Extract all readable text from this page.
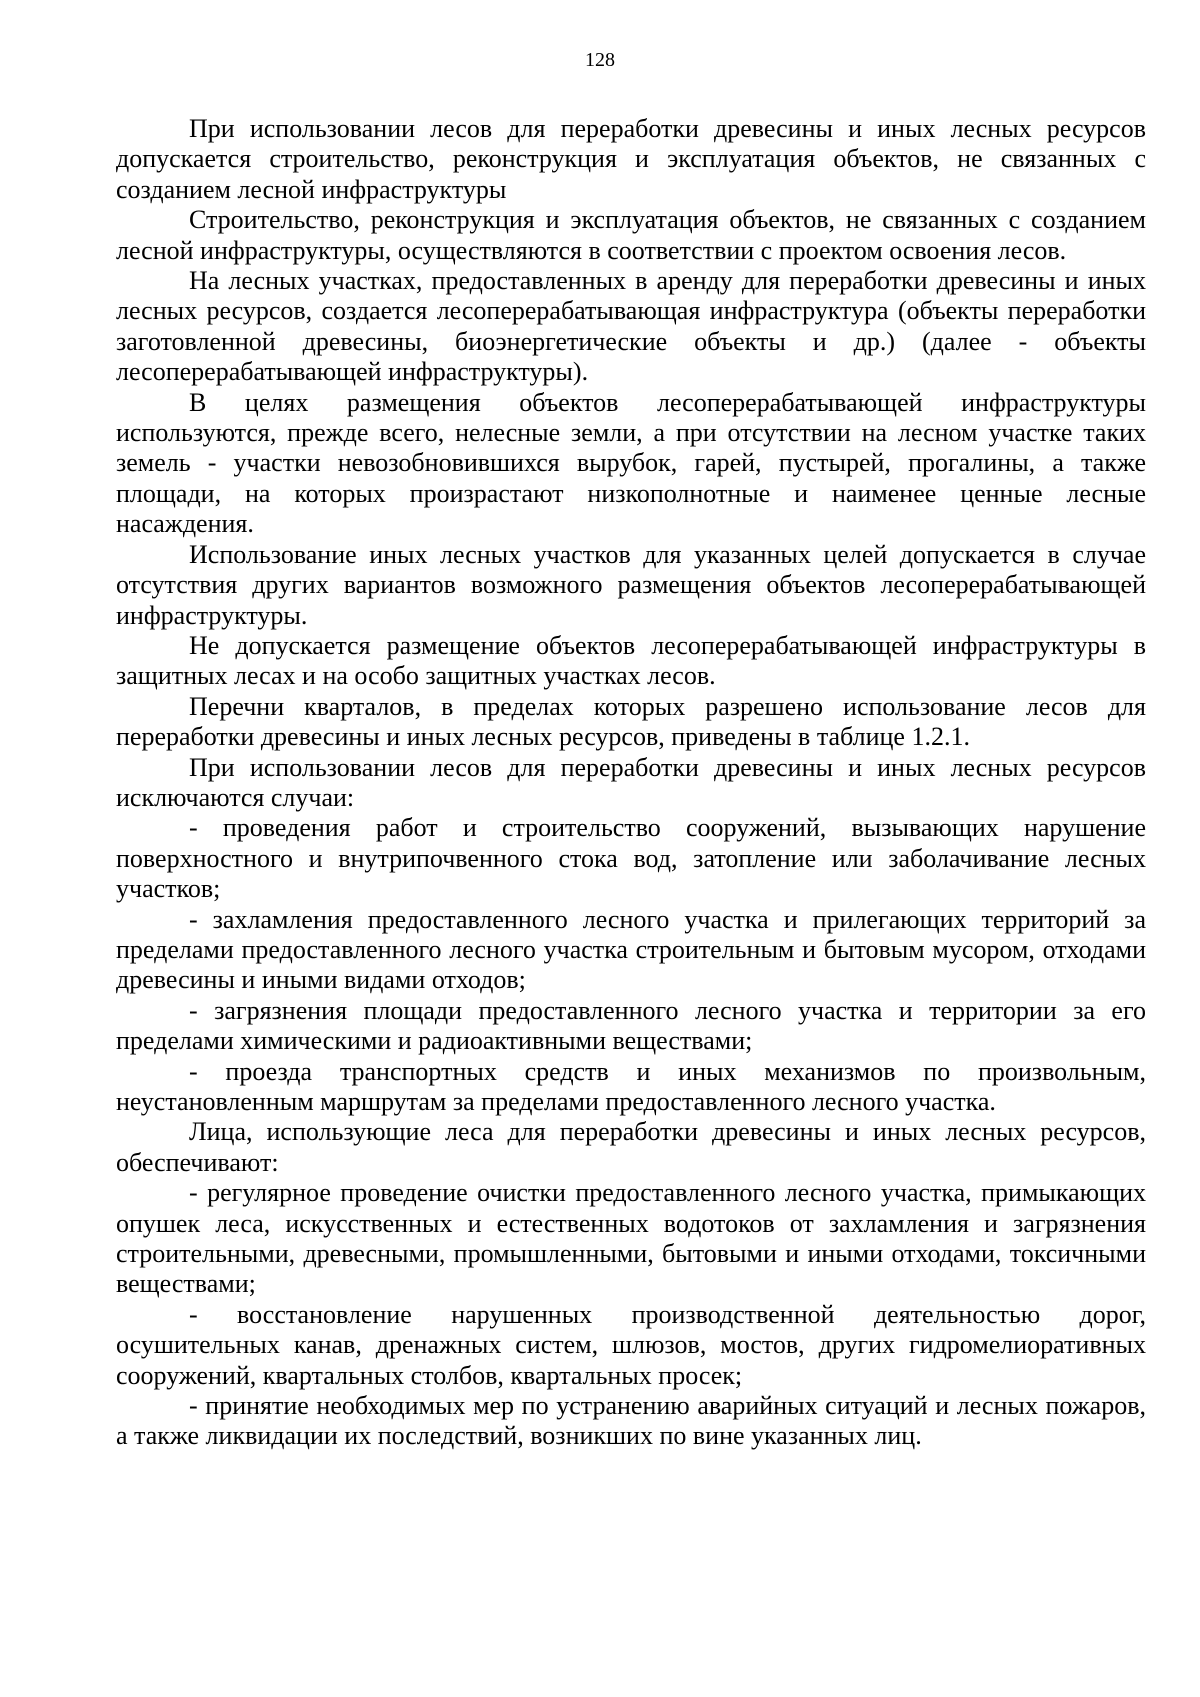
128

При использовании лесов для переработки древесины и иных лесных ресурсов допускается строительство, реконструкция и эксплуатация объектов, не связанных с созданием лесной инфраструктуры

Строительство, реконструкция и эксплуатация объектов, не связанных с созданием лесной инфраструктуры, осуществляются в соответствии с проектом освоения лесов.

На лесных участках, предоставленных в аренду для переработки древесины и иных лесных ресурсов, создается лесоперерабатывающая инфраструктура (объекты переработки заготовленной древесины, биоэнергетические объекты и др.) (далее - объекты лесоперерабатывающей инфраструктуры).

В целях размещения объектов лесоперерабатывающей инфраструктуры используются, прежде всего, нелесные земли, а при отсутствии на лесном участке таких земель - участки невозобновившихся вырубок, гарей, пустырей, прогалины, а также площади, на которых произрастают низкополнотные и наименее ценные лесные насаждения.

Использование иных лесных участков для указанных целей допускается в случае отсутствия других вариантов возможного размещения объектов лесоперерабатывающей инфраструктуры.

Не допускается размещение объектов лесоперерабатывающей инфраструктуры в защитных лесах и на особо защитных участках лесов.

Перечни кварталов, в пределах которых разрешено использование лесов для переработки древесины и иных лесных ресурсов, приведены в таблице 1.2.1.

При использовании лесов для переработки древесины и иных лесных ресурсов исключаются случаи:

- проведения работ и строительство сооружений, вызывающих нарушение поверхностного и внутрипочвенного стока вод, затопление или заболачивание лесных участков;

- захламления предоставленного лесного участка и прилегающих территорий за пределами предоставленного лесного участка строительным и бытовым мусором, отходами древесины и иными видами отходов;

- загрязнения площади предоставленного лесного участка и территории за его пределами химическими и радиоактивными веществами;

- проезда транспортных средств и иных механизмов по произвольным, неустановленным маршрутам за пределами предоставленного лесного участка.

Лица, использующие леса для переработки древесины и иных лесных ресурсов, обеспечивают:

- регулярное проведение очистки предоставленного лесного участка, примыкающих опушек леса, искусственных и естественных водотоков от захламления и загрязнения строительными, древесными, промышленными, бытовыми и иными отходами, токсичными веществами;

- восстановление нарушенных производственной деятельностью дорог, осушительных канав, дренажных систем, шлюзов, мостов, других гидромелиоративных сооружений, квартальных столбов, квартальных просек;

- принятие необходимых мер по устранению аварийных ситуаций и лесных пожаров, а также ликвидации их последствий, возникших по вине указанных лиц.
